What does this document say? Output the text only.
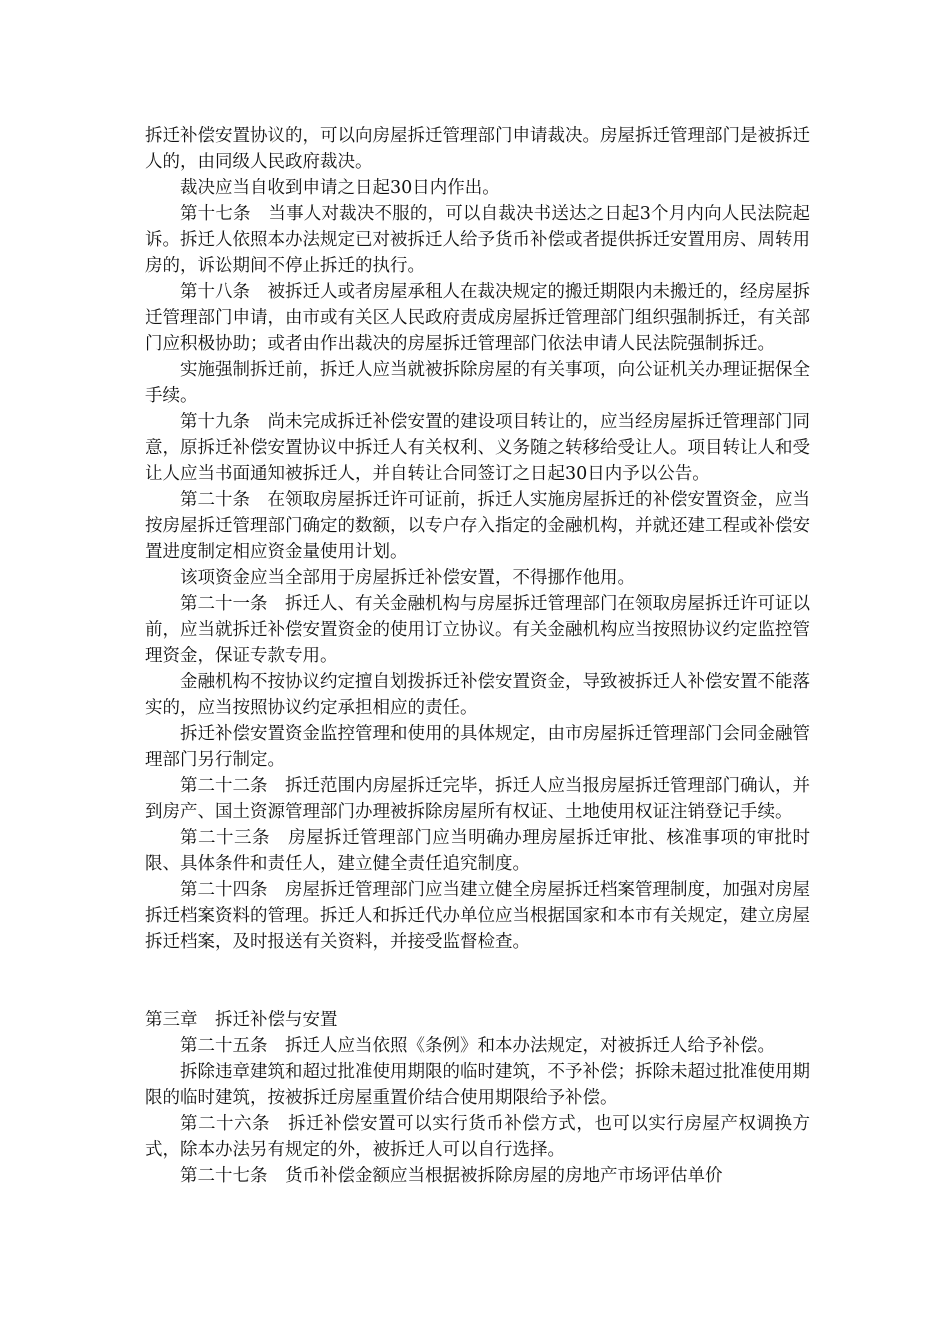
拆迁补偿安置协议的，可以向房屋拆迁管理部门申请裁决。房屋拆迁管理部门是被拆迁人的，由同级人民政府裁决。

裁决应当自收到申请之日起30日内作出。

第十七条　当事人对裁决不服的，可以自裁决书送达之日起3个月内向人民法院起诉。拆迁人依照本办法规定已对被拆迁人给予货币补偿或者提供拆迁安置用房、周转用房的，诉讼期间不停止拆迁的执行。

第十八条　被拆迁人或者房屋承租人在裁决规定的搬迁期限内未搬迁的，经房屋拆迁管理部门申请，由市或有关区人民政府责成房屋拆迁管理部门组织强制拆迁，有关部门应积极协助；或者由作出裁决的房屋拆迁管理部门依法申请人民法院强制拆迁。

实施强制拆迁前，拆迁人应当就被拆除房屋的有关事项，向公证机关办理证据保全手续。

第十九条　尚未完成拆迁补偿安置的建设项目转让的，应当经房屋拆迁管理部门同意，原拆迁补偿安置协议中拆迁人有关权利、义务随之转移给受让人。项目转让人和受让人应当书面通知被拆迁人，并自转让合同签订之日起30日内予以公告。

第二十条　在领取房屋拆迁许可证前，拆迁人实施房屋拆迁的补偿安置资金，应当按房屋拆迁管理部门确定的数额，以专户存入指定的金融机构，并就还建工程或补偿安置进度制定相应资金量使用计划。

该项资金应当全部用于房屋拆迁补偿安置，不得挪作他用。

第二十一条　拆迁人、有关金融机构与房屋拆迁管理部门在领取房屋拆迁许可证以前，应当就拆迁补偿安置资金的使用订立协议。有关金融机构应当按照协议约定监控管理资金，保证专款专用。

金融机构不按协议约定擅自划拨拆迁补偿安置资金，导致被拆迁人补偿安置不能落实的，应当按照协议约定承担相应的责任。

拆迁补偿安置资金监控管理和使用的具体规定，由市房屋拆迁管理部门会同金融管理部门另行制定。

第二十二条　拆迁范围内房屋拆迁完毕，拆迁人应当报房屋拆迁管理部门确认，并到房产、国土资源管理部门办理被拆除房屋所有权证、土地使用权证注销登记手续。

第二十三条　房屋拆迁管理部门应当明确办理房屋拆迁审批、核准事项的审批时限、具体条件和责任人，建立健全责任追究制度。

第二十四条　房屋拆迁管理部门应当建立健全房屋拆迁档案管理制度，加强对房屋拆迁档案资料的管理。拆迁人和拆迁代办单位应当根据国家和本市有关规定，建立房屋拆迁档案，及时报送有关资料，并接受监督检查。

第三章　拆迁补偿与安置

第二十五条　拆迁人应当依照《条例》和本办法规定，对被拆迁人给予补偿。

拆除违章建筑和超过批准使用期限的临时建筑，不予补偿；拆除未超过批准使用期限的临时建筑，按被拆迁房屋重置价结合使用期限给予补偿。

第二十六条　拆迁补偿安置可以实行货币补偿方式，也可以实行房屋产权调换方式，除本办法另有规定的外，被拆迁人可以自行选择。

第二十七条　货币补偿金额应当根据被拆除房屋的房地产市场评估单价
